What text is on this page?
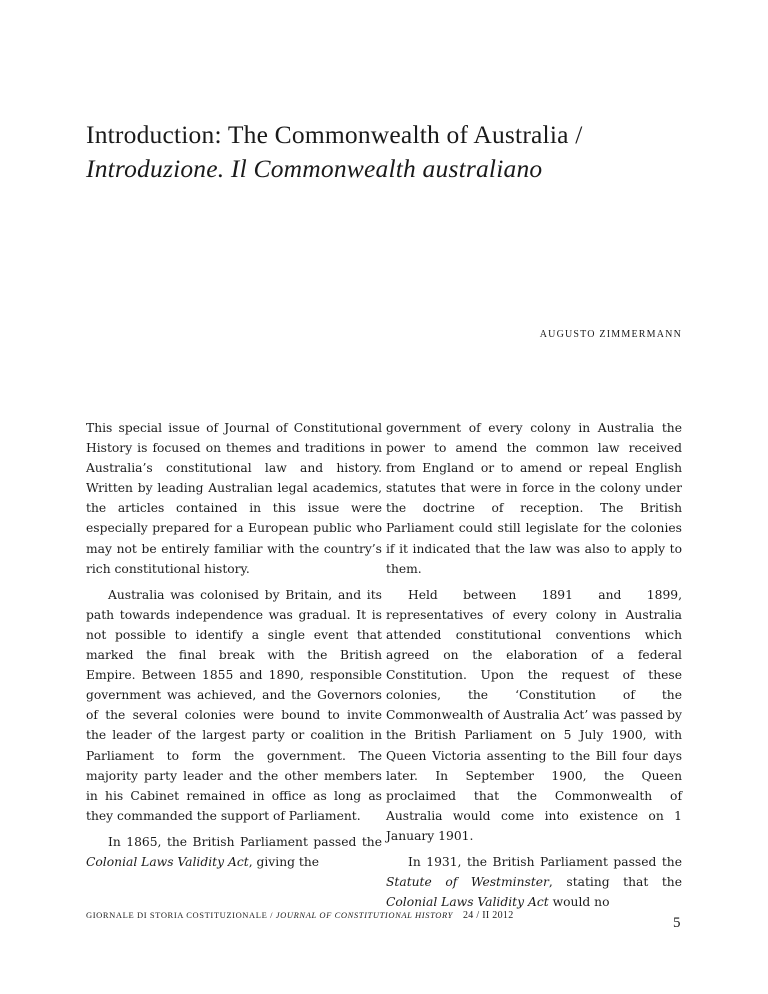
Introduction: The Commonwealth of Australia /
Introduzione. Il Commonwealth australiano
AUGUSTO ZIMMERMANN

This special issue of Journal of Constitutional History is focused on themes and traditions in Australia’s constitutional law and history. Written by leading Australian legal academics, the articles contained in this issue were especially prepared for a European public who may not be entirely familiar with the country’s rich constitutional history.

Australia was colonised by Britain, and its path towards independence was gradual. It is not possible to identify a single event that marked the final break with the British Empire. Between 1855 and 1890, responsible government was achieved, and the Governors of the several colonies were bound to invite the leader of the largest party or coalition in Parliament to form the government. The majority party leader and the other members in his Cabinet remained in office as long as they commanded the support of Parliament.

In 1865, the British Parliament passed the Colonial Laws Validity Act, giving the

government of every colony in Australia the power to amend the common law received from England or to amend or repeal English statutes that were in force in the colony under the doctrine of reception. The British Parliament could still legislate for the colonies if it indicated that the law was also to apply to them.

Held between 1891 and 1899, representatives of every colony in Australia attended constitutional conventions which agreed on the elaboration of a federal Constitution. Upon the request of these colonies, the ‘Constitution of the Commonwealth of Australia Act’ was passed by the British Parliament on 5 July 1900, with Queen Victoria assenting to the Bill four days later. In September 1900, the Queen proclaimed that the Commonwealth of Australia would come into existence on 1 January 1901.

In 1931, the British Parliament passed the Statute of Westminster, stating that the Colonial Laws Validity Act would no

GIORNALE DI STORIA COSTITUZIONALE / JOURNAL OF CONSTITUTIONAL HISTORY 24 / II 2012	5
